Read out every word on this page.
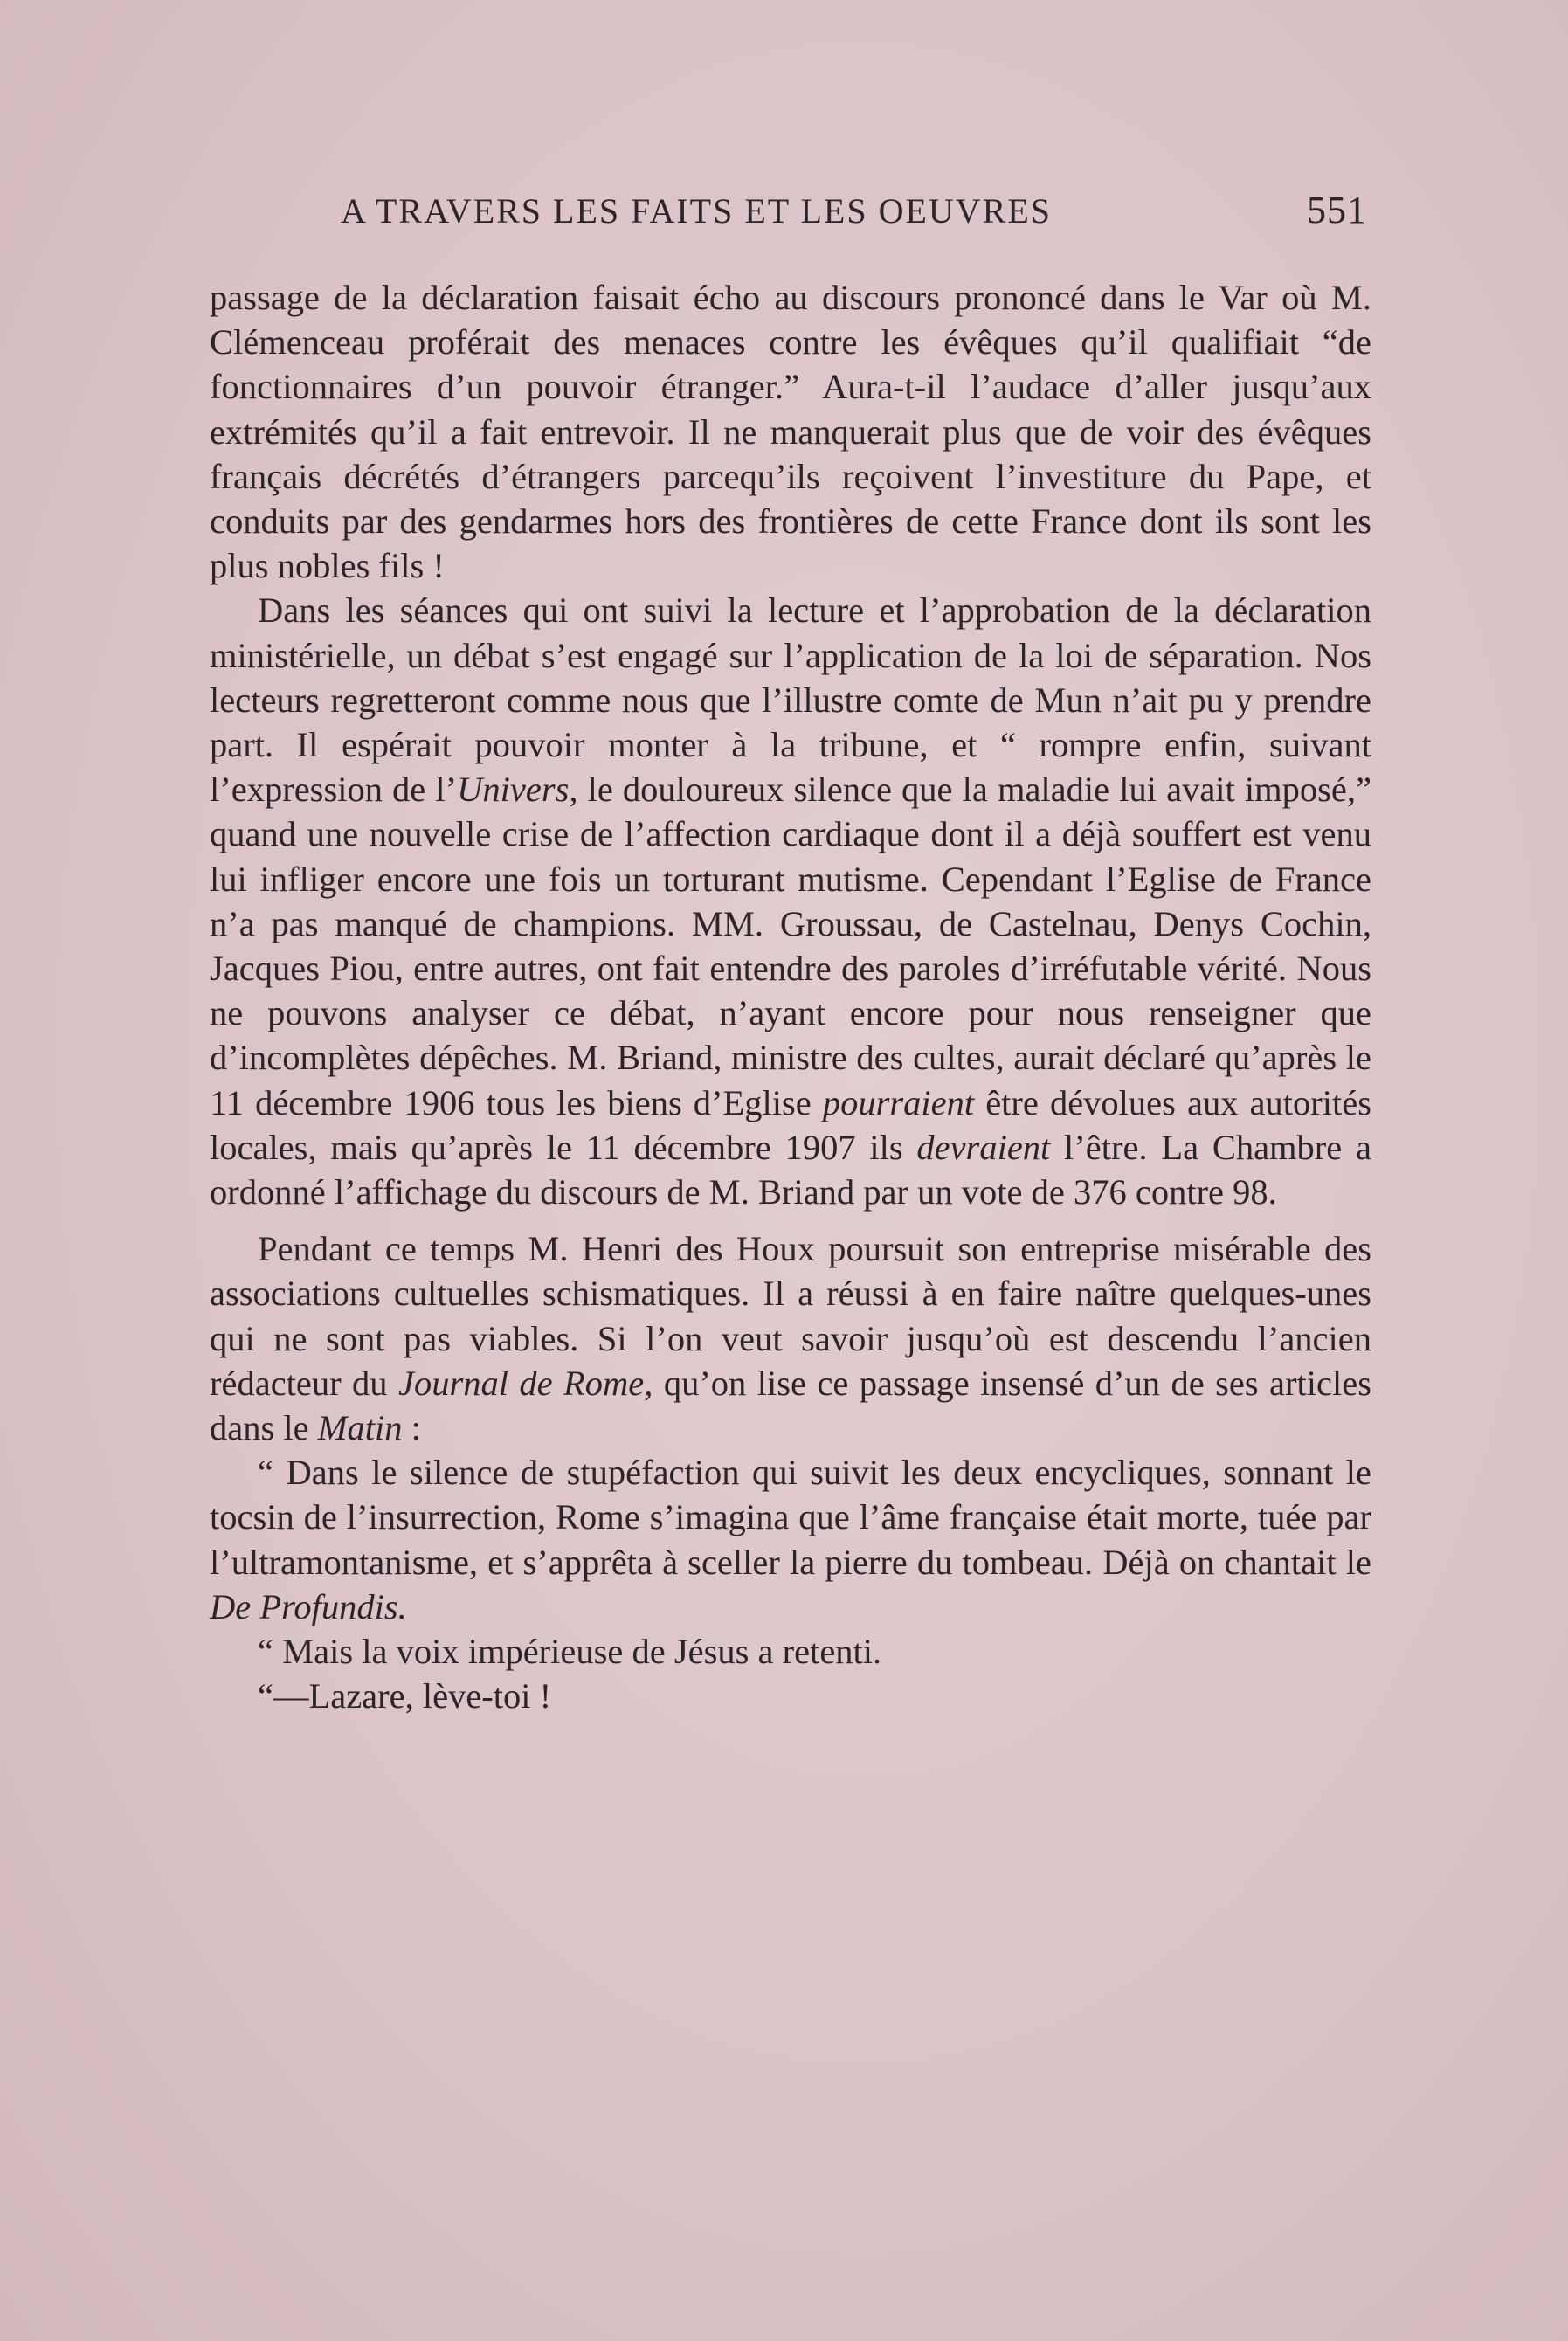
A TRAVERS LES FAITS ET LES OEUVRES	551

passage de la déclaration faisait écho au discours prononcé dans le Var où M. Clémenceau proférait des menaces contre les évêques qu’il qualifiait “de fonctionnaires d’un pouvoir étranger.” Aura-t-il l’audace d’aller jusqu’aux extrémités qu’il a fait entrevoir. Il ne manquerait plus que de voir des évêques français décrétés d’étrangers parcequ’ils reçoivent l’investiture du Pape, et conduits par des gendarmes hors des frontières de cette France dont ils sont les plus nobles fils !

Dans les séances qui ont suivi la lecture et l’approbation de la déclaration ministérielle, un débat s’est engagé sur l’application de la loi de séparation. Nos lecteurs regretteront comme nous que l’illustre comte de Mun n’ait pu y prendre part. Il espérait pouvoir monter à la tribune, et “ rompre enfin, suivant l’expression de l’Univers, le douloureux silence que la maladie lui avait imposé,” quand une nouvelle crise de l’affection cardiaque dont il a déjà souffert est venu lui infliger encore une fois un torturant mutisme. Cependant l’Eglise de France n’a pas manqué de champions. MM. Groussau, de Castelnau, Denys Cochin, Jacques Piou, entre autres, ont fait entendre des paroles d’irréfutable vérité. Nous ne pouvons analyser ce débat, n’ayant encore pour nous renseigner que d’incomplètes dépêches. M. Briand, ministre des cultes, aurait déclaré qu’après le 11 décembre 1906 tous les biens d’Eglise pourraient être dévolues aux autorités locales, mais qu’après le 11 décembre 1907 ils devraient l’être. La Chambre a ordonné l’affichage du discours de M. Briand par un vote de 376 contre 98.

Pendant ce temps M. Henri des Houx poursuit son entreprise misérable des associations cultuelles schismatiques. Il a réussi à en faire naître quelques-unes qui ne sont pas viables. Si l’on veut savoir jusqu’où est descendu l’ancien rédacteur du Journal de Rome, qu’on lise ce passage insensé d’un de ses articles dans le Matin :

“ Dans le silence de stupéfaction qui suivit les deux encycliques, sonnant le tocsin de l’insurrection, Rome s’imagina que l’âme française était morte, tuée par l’ultramontanisme, et s’apprêta à sceller la pierre du tombeau. Déjà on chantait le De Profundis.

“ Mais la voix impérieuse de Jésus a retenti.

“—Lazare, lève-toi !
